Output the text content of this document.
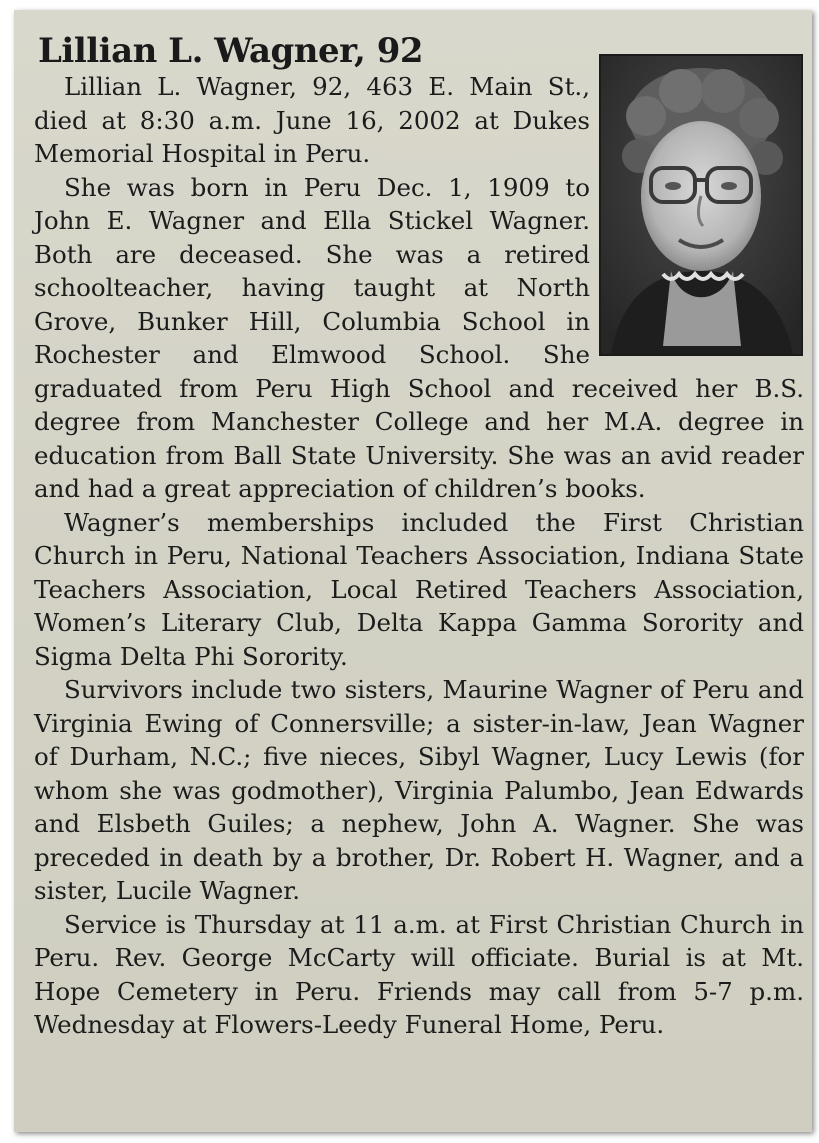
Lillian L. Wagner, 92

Lillian L. Wagner, 92, 463 E. Main St., died at 8:30 a.m. June 16, 2002 at Dukes Memorial Hospital in Peru.

She was born in Peru Dec. 1, 1909 to John E. Wagner and Ella Stickel Wagner. Both are deceased. She was a retired schoolteacher, having taught at North Grove, Bunker Hill, Columbia School in Rochester and Elmwood School. She graduated from Peru High School and received her B.S. degree from Manchester College and her M.A. degree in education from Ball State University. She was an avid reader and had a great appreciation of children’s books.

Wagner’s memberships included the First Christian Church in Peru, National Teachers Association, Indiana State Teachers Association, Local Retired Teachers Association, Women’s Literary Club, Delta Kappa Gamma Sorority and Sigma Delta Phi Sorority.

Survivors include two sisters, Maurine Wagner of Peru and Virginia Ewing of Connersville; a sister-in-law, Jean Wagner of Durham, N.C.; five nieces, Sibyl Wagner, Lucy Lewis (for whom she was godmother), Virginia Palumbo, Jean Edwards and Elsbeth Guiles; a nephew, John A. Wagner. She was preceded in death by a brother, Dr. Robert H. Wagner, and a sister, Lucile Wagner.

Service is Thursday at 11 a.m. at First Christian Church in Peru. Rev. George McCarty will officiate. Burial is at Mt. Hope Cemetery in Peru. Friends may call from 5-7 p.m. Wednesday at Flowers-Leedy Funeral Home, Peru.
